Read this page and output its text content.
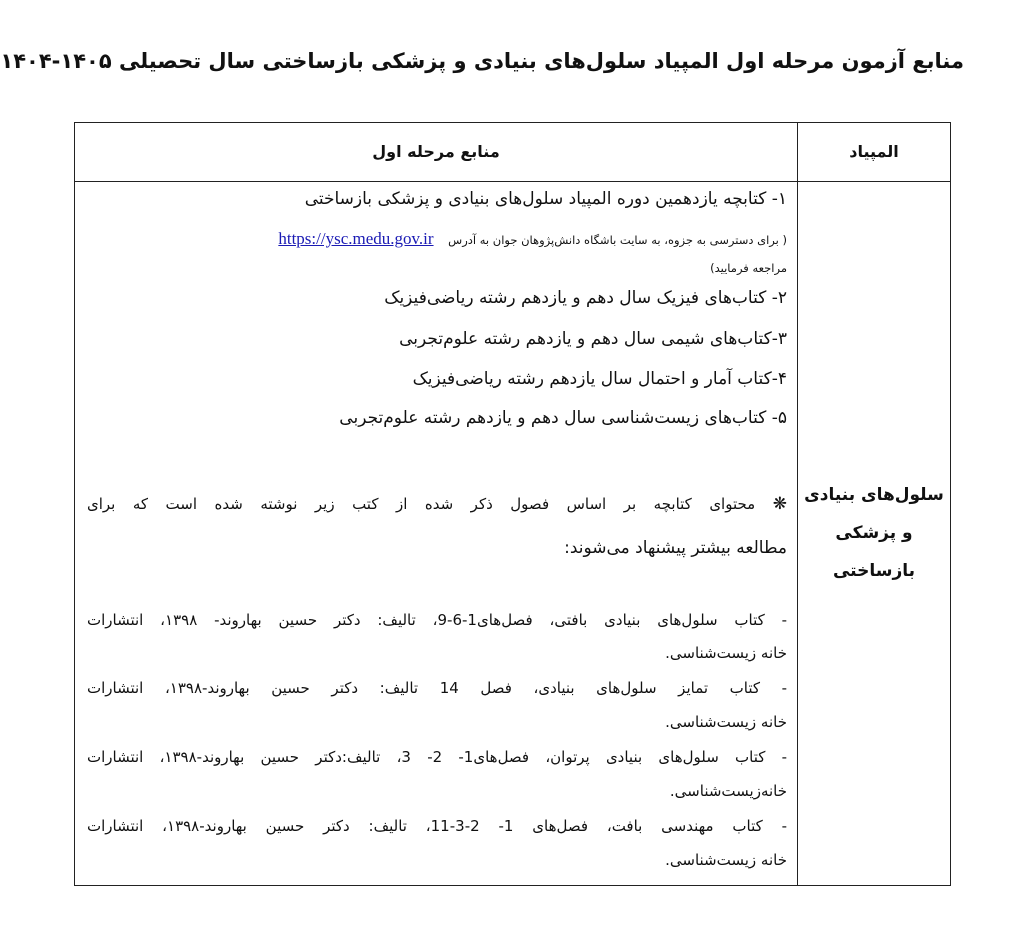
منابع آزمون مرحله اول المپیاد سلول‌های بنیادی و پزشکی بازساختی سال تحصیلی ۱۴۰۵-۱۴۰۴
المپیاد
منابع مرحله اول
سلول‌های بنیادی و پزشکی بازساختی
۱- کتابچه یازدهمین دوره المپیاد سلول‌های بنیادی و پزشکی بازساختی
( برای دسترسی به جزوه، به سایت باشگاه دانش‌پژوهان جوان به آدرس    https://ysc.medu.gov.ir
مراجعه فرمایید)
۲- کتاب‌های فیزیک سال دهم و یازدهم رشته ریاضی‌فیزیک
۳-کتاب‌های شیمی سال دهم و یازدهم رشته علوم‌تجربی
۴-کتاب آمار و احتمال سال یازدهم رشته ریاضی‌فیزیک
۵- کتاب‌های زیست‌شناسی سال دهم و یازدهم رشته علوم‌تجربی
❋ محتوای کتابچه بر اساس فصول ذکر شده از کتب زیر نوشته شده است که برای
مطالعه بیشتر پیشنهاد می‌شوند:
- کتاب سلول‌های بنیادی بافتی، فصل‌های1-6-9، تالیف: دکتر حسین بهاروند- ۱۳۹۸، انتشارات
خانه زیست‌شناسی.
- کتاب تمایز سلول‌های بنیادی، فصل 14 تالیف: دکتر حسین بهاروند-۱۳۹۸، انتشارات
خانه زیست‌شناسی.
- کتاب سلول‌های بنیادی پرتوان، فصل‌های1- 2- 3، تالیف:دکتر حسین بهاروند-۱۳۹۸، انتشارات
خانه‌زیست‌شناسی.
- کتاب مهندسی بافت، فصل‌های 1- 2-3-11، تالیف: دکتر حسین بهاروند-۱۳۹۸، انتشارات
خانه زیست‌شناسی.
